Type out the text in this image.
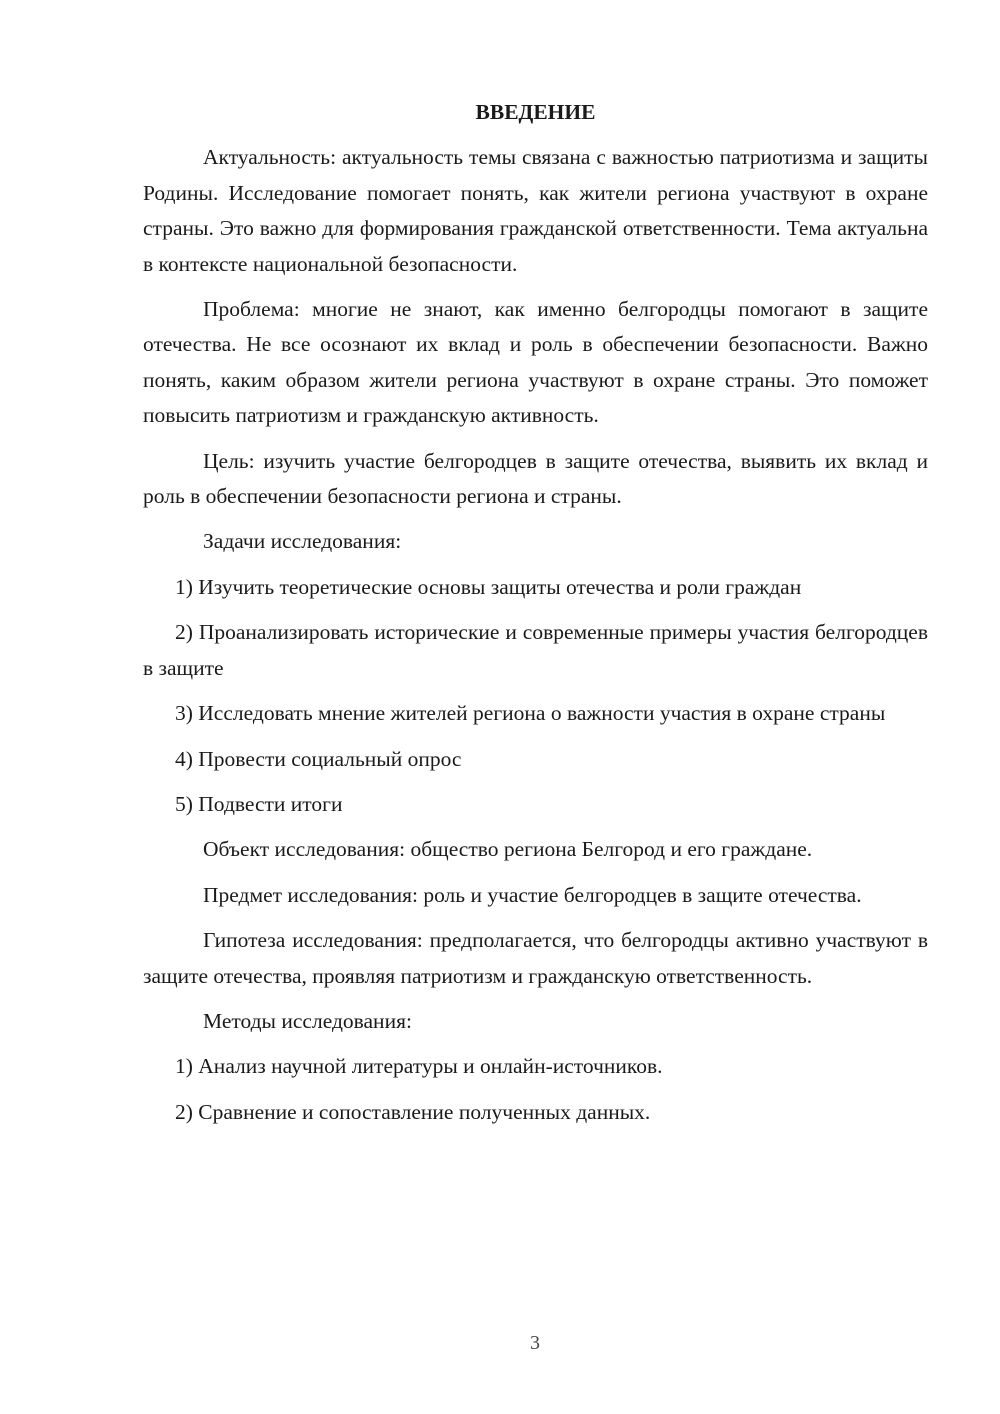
ВВЕДЕНИЕ

Актуальность: актуальность темы связана с важностью патриотизма и защиты Родины. Исследование помогает понять, как жители региона участвуют в охране страны. Это важно для формирования гражданской ответственности. Тема актуальна в контексте национальной безопасности.

Проблема: многие не знают, как именно белгородцы помогают в защите отечества. Не все осознают их вклад и роль в обеспечении безопасности. Важно понять, каким образом жители региона участвуют в охране страны. Это поможет повысить патриотизм и гражданскую активность.

Цель: изучить участие белгородцев в защите отечества, выявить их вклад и роль в обеспечении безопасности региона и страны.

Задачи исследования:

1) Изучить теоретические основы защиты отечества и роли граждан

2) Проанализировать исторические и современные примеры участия белгородцев в защите

3) Исследовать мнение жителей региона о важности участия в охране страны

4) Провести социальный опрос

5) Подвести итоги

Объект исследования: общество региона Белгород и его граждане.

Предмет исследования: роль и участие белгородцев в защите отечества.

Гипотеза исследования: предполагается, что белгородцы активно участвуют в защите отечества, проявляя патриотизм и гражданскую ответственность.

Методы исследования:

1) Анализ научной литературы и онлайн-источников.

2) Сравнение и сопоставление полученных данных.

3
